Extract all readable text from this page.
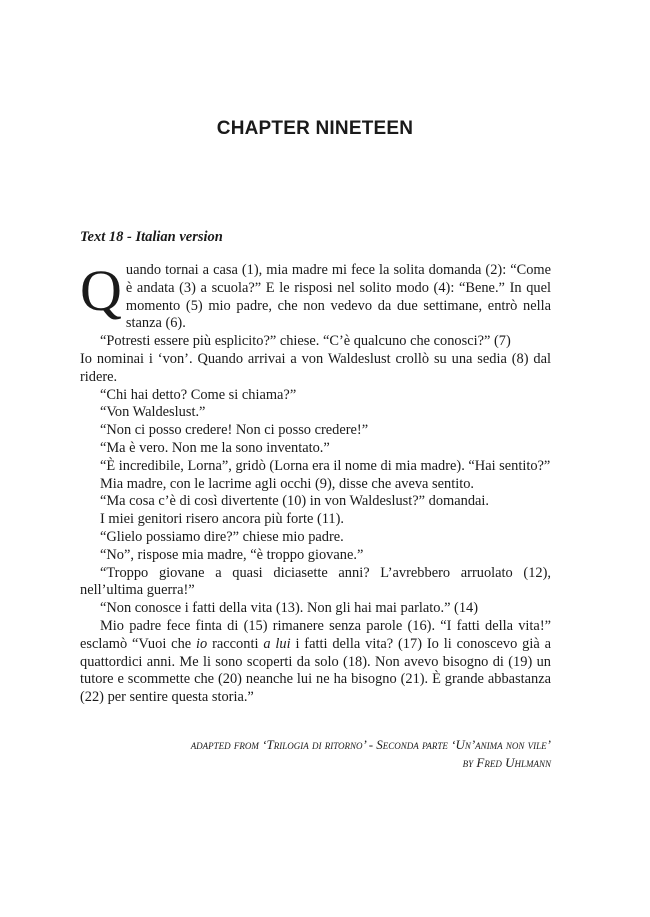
CHAPTER NINETEEN
Text 18 - Italian version

Quando tornai a casa (1), mia madre mi fece la solita domanda (2): “Come è andata (3) a scuola?” E le risposi nel solito modo (4): “Bene.” In quel momento (5) mio padre, che non vedevo da due settimane, entrò nella stanza (6).

“Potresti essere più esplicito?” chiese. “C’è qualcuno che conosci?” (7)

Io nominai i ‘von’. Quando arrivai a von Waldeslust crollò su una sedia (8) dal ridere.

“Chi hai detto? Come si chiama?”

“Von Waldeslust.”

“Non ci posso credere! Non ci posso credere!”

“Ma è vero. Non me la sono inventato.”

“È incredibile, Lorna”, gridò (Lorna era il nome di mia madre). “Hai sentito?”

Mia madre, con le lacrime agli occhi (9), disse che aveva sentito.

“Ma cosa c’è di così divertente (10) in von Waldeslust?” domandai.

I miei genitori risero ancora più forte (11).

“Glielo possiamo dire?” chiese mio padre.

“No”, rispose mia madre, “è troppo giovane.”

“Troppo giovane a quasi diciasette anni? L’avrebbero arruolato (12), nell’ultima guerra!”

“Non conosce i fatti della vita (13). Non gli hai mai parlato.” (14)

Mio padre fece finta di (15) rimanere senza parole (16). “I fatti della vita!” esclamò “Vuoi che io racconti a lui i fatti della vita? (17) Io li conoscevo già a quattordici anni. Me li sono scoperti da solo (18). Non avevo bisogno di (19) un tutore e scommette che (20) neanche lui ne ha bisogno (21). È grande abbastanza (22) per sentire questa storia.”

adapted from ‘Trilogia di ritorno’ - Seconda parte ‘Un’anima non vile’
by Fred Uhlmann
